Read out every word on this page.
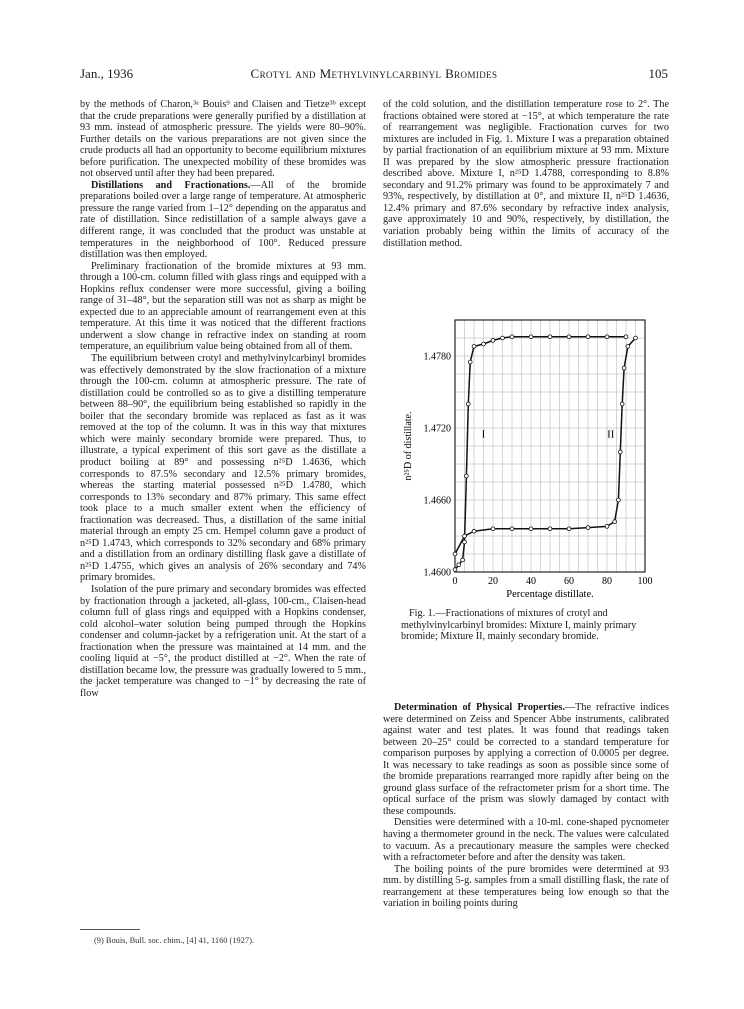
Jan., 1936	Crotyl and Methylvinylcarbinyl Bromides	105

by the methods of Charon,³ᵃ Bouis⁹ and Claisen and Tietze³ᵇ except that the crude preparations were generally purified by a distillation at 93 mm. instead of atmospheric pressure. The yields were 80–90%. Further details on the various preparations are not given since the crude products all had an opportunity to become equilibrium mixtures before purification. The unexpected mobility of these bromides was not observed until after they had been prepared.

Distillations and Fractionations.—All of the bromide preparations boiled over a large range of temperature. At atmospheric pressure the range varied from 1–12° depending on the apparatus and rate of distillation. Since redistillation of a sample always gave a different range, it was concluded that the product was unstable at temperatures in the neighborhood of 100°. Reduced pressure distillation was then employed.

Preliminary fractionation of the bromide mixtures at 93 mm. through a 100-cm. column filled with glass rings and equipped with a Hopkins reflux condenser were more successful, giving a boiling range of 31–48°, but the separation still was not as sharp as might be expected due to an appreciable amount of rearrangement even at this temperature. At this time it was noticed that the different fractions underwent a slow change in refractive index on standing at room temperature, an equilibrium value being obtained from all of them.

The equilibrium between crotyl and methylvinylcarbinyl bromides was effectively demonstrated by the slow fractionation of a mixture through the 100-cm. column at atmospheric pressure. The rate of distillation could be controlled so as to give a distilling temperature between 88–90°, the equilibrium being established so rapidly in the boiler that the secondary bromide was replaced as fast as it was removed at the top of the column. It was in this way that mixtures which were mainly secondary bromide were prepared. Thus, to illustrate, a typical experiment of this sort gave as the distillate a product boiling at 89° and possessing n²⁵D 1.4636, which corresponds to 87.5% secondary and 12.5% primary bromides, whereas the starting material possessed n²⁵D 1.4780, which corresponds to 13% secondary and 87% primary. This same effect took place to a much smaller extent when the efficiency of fractionation was decreased. Thus, a distillation of the same initial material through an empty 25 cm. Hempel column gave a product of n²⁵D 1.4743, which corresponds to 32% secondary and 68% primary and a distillation from an ordinary distilling flask gave a distillate of n²⁵D 1.4755, which gives an analysis of 26% secondary and 74% primary bromides.

Isolation of the pure primary and secondary bromides was effected by fractionation through a jacketed, all-glass, 100-cm., Claisen-head column full of glass rings and equipped with a Hopkins condenser, cold alcohol–water solution being pumped through the Hopkins condenser and column-jacket by a refrigeration unit. At the start of a fractionation when the pressure was maintained at 14 mm. and the cooling liquid at −5°, the product distilled at −2°. When the rate of distillation became low, the pressure was gradually lowered to 5 mm., the jacket temperature was changed to −1° by decreasing the rate of flow

(9) Bouis, Bull. soc. chim., [4] 41, 1160 (1927).

of the cold solution, and the distillation temperature rose to 2°. The fractions obtained were stored at −15°, at which temperature the rate of rearrangement was negligible. Fractionation curves for two mixtures are included in Fig. 1. Mixture I was a preparation obtained by partial fractionation of an equilibrium mixture at 93 mm. Mixture II was prepared by the slow atmospheric pressure fractionation described above. Mixture I, n²⁵D 1.4788, corresponding to 8.8% secondary and 91.2% primary was found to be approximately 7 and 93%, respectively, by distillation at 0°, and mixture II, n²⁵D 1.4636, 12.4% primary and 87.6% secondary by refractive index analysis, gave approximately 10 and 90%, respectively, by distillation, the variation probably being within the limits of accuracy of the distillation method.

0	20	40	60	80	100
1.4600
1.4660
1.4720
1.4780
Percentage distillate.
n²⁵D of distillate.	I	II

Fig. 1.—Fractionations of mixtures of crotyl and methylvinylcarbinyl bromides: Mixture I, mainly primary bromide; Mixture II, mainly secondary bromide.

Determination of Physical Properties.—The refractive indices were determined on Zeiss and Spencer Abbe instruments, calibrated against water and test plates. It was found that readings taken between 20–25° could be corrected to a standard temperature for comparison purposes by applying a correction of 0.0005 per degree. It was necessary to take readings as soon as possible since some of the bromide preparations rearranged more rapidly after being on the ground glass surface of the refractometer prism for a short time. The optical surface of the prism was slowly damaged by contact with these compounds.

Densities were determined with a 10-ml. cone-shaped pycnometer having a thermometer ground in the neck. The values were calculated to vacuum. As a precautionary measure the samples were checked with a refractometer before and after the density was taken.

The boiling points of the pure bromides were determined at 93 mm. by distilling 5-g. samples from a small distilling flask, the rate of rearrangement at these temperatures being low enough so that the variation in boiling points during
